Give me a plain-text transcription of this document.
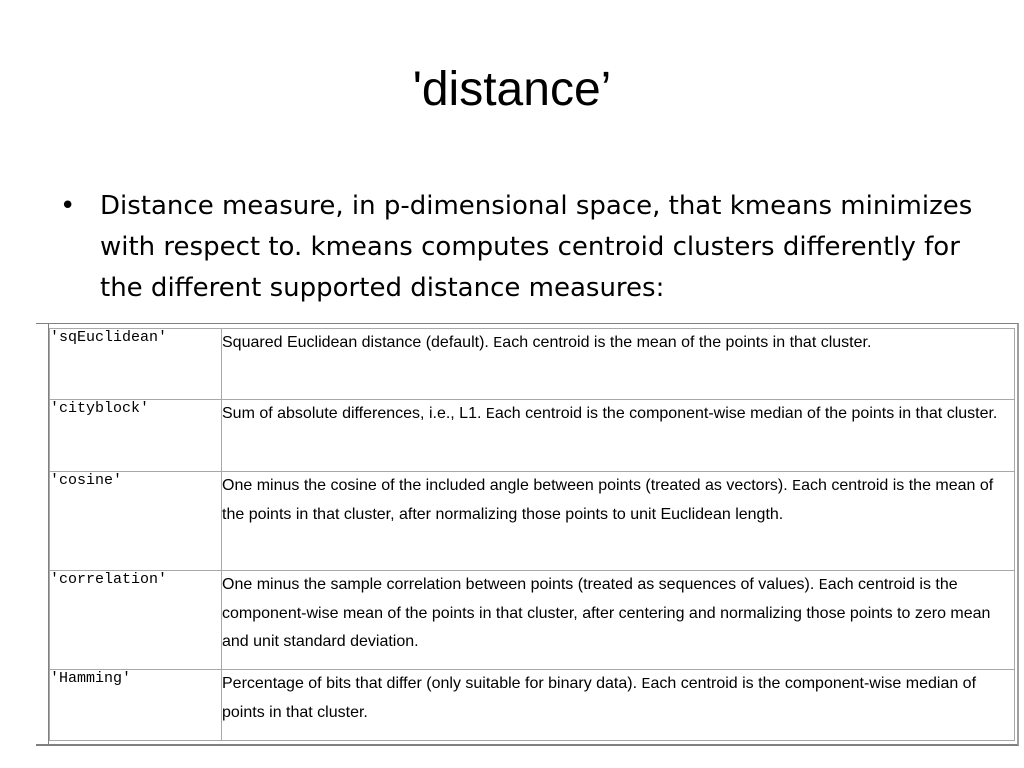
'distance’
• Distance measure, in p-dimensional space, that kmeans minimizes with respect to. kmeans computes centroid clusters differently for the different supported distance measures:
'sqEuclidean'	Squared Euclidean distance (default). Each centroid is the mean of the points in that cluster.
'cityblock'	Sum of absolute differences, i.e., L1. Each centroid is the component-wise median of the points in that cluster.
'cosine'	One minus the cosine of the included angle between points (treated as vectors). Each centroid is the mean of the points in that cluster, after normalizing those points to unit Euclidean length.
'correlation'	One minus the sample correlation between points (treated as sequences of values). Each centroid is the component-wise mean of the points in that cluster, after centering and normalizing those points to zero mean and unit standard deviation.
'Hamming'	Percentage of bits that differ (only suitable for binary data). Each centroid is the component-wise median of points in that cluster.
